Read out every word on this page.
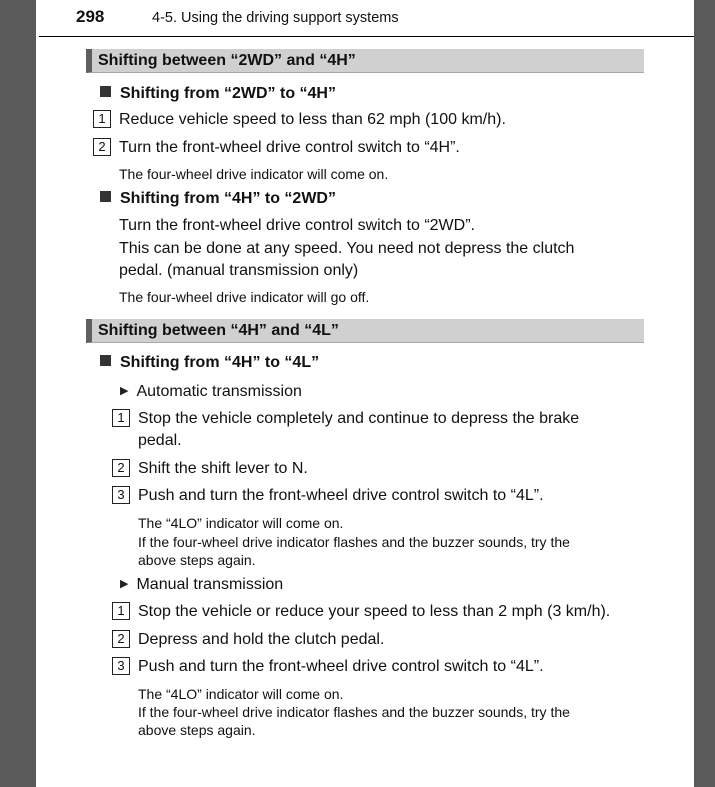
298	4-5. Using the driving support systems
Shifting between “2WD” and “4H”
Shifting from “2WD” to “4H”
1 Reduce vehicle speed to less than 62 mph (100 km/h).
2 Turn the front-wheel drive control switch to “4H”.
The four-wheel drive indicator will come on.
Shifting from “4H” to “2WD”
Turn the front-wheel drive control switch to “2WD”.
This can be done at any speed. You need not depress the clutch
pedal. (manual transmission only)
The four-wheel drive indicator will go off.
Shifting between “4H” and “4L”
Shifting from “4H” to “4L”
▶ Automatic transmission
1 Stop the vehicle completely and continue to depress the brake
pedal.
2 Shift the shift lever to N.
3 Push and turn the front-wheel drive control switch to “4L”.
The “4LO” indicator will come on.
If the four-wheel drive indicator flashes and the buzzer sounds, try the
above steps again.
▶ Manual transmission
1 Stop the vehicle or reduce your speed to less than 2 mph (3 km/h).
2 Depress and hold the clutch pedal.
3 Push and turn the front-wheel drive control switch to “4L”.
The “4LO” indicator will come on.
If the four-wheel drive indicator flashes and the buzzer sounds, try the
above steps again.
